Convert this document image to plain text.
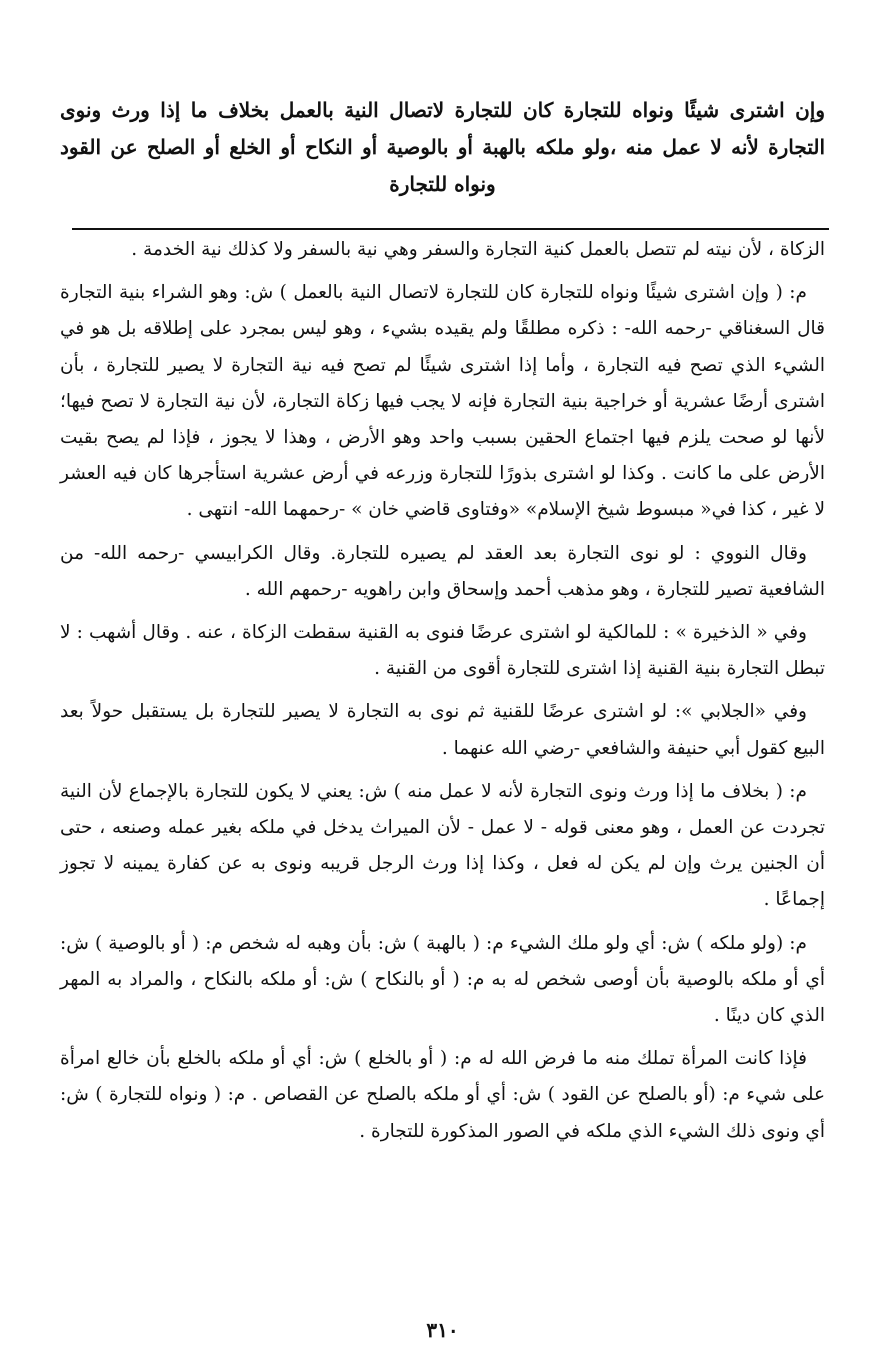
وإن اشترى شيئًا ونواه للتجارة كان للتجارة لاتصال النية بالعمل بخلاف ما إذا ورث ونوى التجارة لأنه لا عمل منه ،ولو ملكه بالهبة أو بالوصية أو النكاح أو الخلع أو الصلح عن القود ونواه للتجارة

الزكاة ، لأن نيته لم تتصل بالعمل كنية التجارة والسفر وهي نية بالسفر ولا كذلك نية الخدمة .

م: ( وإن اشترى شيئًا ونواه للتجارة كان للتجارة لاتصال النية بالعمل ) ش: وهو الشراء بنية التجارة قال السغناقي -رحمه الله- : ذكره مطلقًا ولم يقيده بشيء ، وهو ليس بمجرد على إطلاقه بل هو في الشيء الذي تصح فيه التجارة ، وأما إذا اشترى شيئًا لم تصح فيه نية التجارة لا يصير للتجارة ، بأن اشترى أرضًا عشرية أو خراجية بنية التجارة فإنه لا يجب فيها زكاة التجارة، لأن نية التجارة لا تصح فيها؛ لأنها لو صحت يلزم فيها اجتماع الحقين بسبب واحد وهو الأرض ، وهذا لا يجوز ، فإذا لم يصح بقيت الأرض على ما كانت . وكذا لو اشترى بذورًا للتجارة وزرعه في أرض عشرية استأجرها كان فيه العشر لا غير ، كذا في« مبسوط شيخ الإسلام» «وفتاوى قاضي خان » -رحمهما الله- انتهى .

وقال النووي : لو نوى التجارة بعد العقد لم يصيره للتجارة. وقال الكرابيسي -رحمه الله- من الشافعية تصير للتجارة ، وهو مذهب أحمد وإسحاق وابن راهويه -رحمهم الله .

وفي « الذخيرة » : للمالكية لو اشترى عرضًا فنوى به القنية سقطت الزكاة ، عنه . وقال أشهب : لا تبطل التجارة بنية القنية إذا اشترى للتجارة أقوى من القنية .

وفي «الجلابي »: لو اشترى عرضًا للقنية ثم نوى به التجارة لا يصير للتجارة بل يستقبل حولاً بعد البيع كقول أبي حنيفة والشافعي -رضي الله عنهما .

م: ( بخلاف ما إذا ورث ونوى التجارة لأنه لا عمل منه ) ش: يعني لا يكون للتجارة بالإجماع لأن النية تجردت عن العمل ، وهو معنى قوله - لا عمل - لأن الميراث يدخل في ملكه بغير عمله وصنعه ، حتى أن الجنين يرث وإن لم يكن له فعل ، وكذا إذا ورث الرجل قريبه ونوى به عن كفارة يمينه لا تجوز إجماعًا .

م: (ولو ملكه ) ش: أي ولو ملك الشيء م: ( بالهبة ) ش: بأن وهبه له شخص م: ( أو بالوصية ) ش: أي أو ملكه بالوصية بأن أوصى شخص له به م: ( أو بالنكاح ) ش: أو ملكه بالنكاح ، والمراد به المهر الذي كان دينًا .

فإذا كانت المرأة تملك منه ما فرض الله له م: ( أو بالخلع ) ش: أي أو ملكه بالخلع بأن خالع امرأة على شيء م: (أو بالصلح عن القود ) ش: أي أو ملكه بالصلح عن القصاص . م: ( ونواه للتجارة ) ش: أي ونوى ذلك الشيء الذي ملكه في الصور المذكورة للتجارة .

٣١٠
